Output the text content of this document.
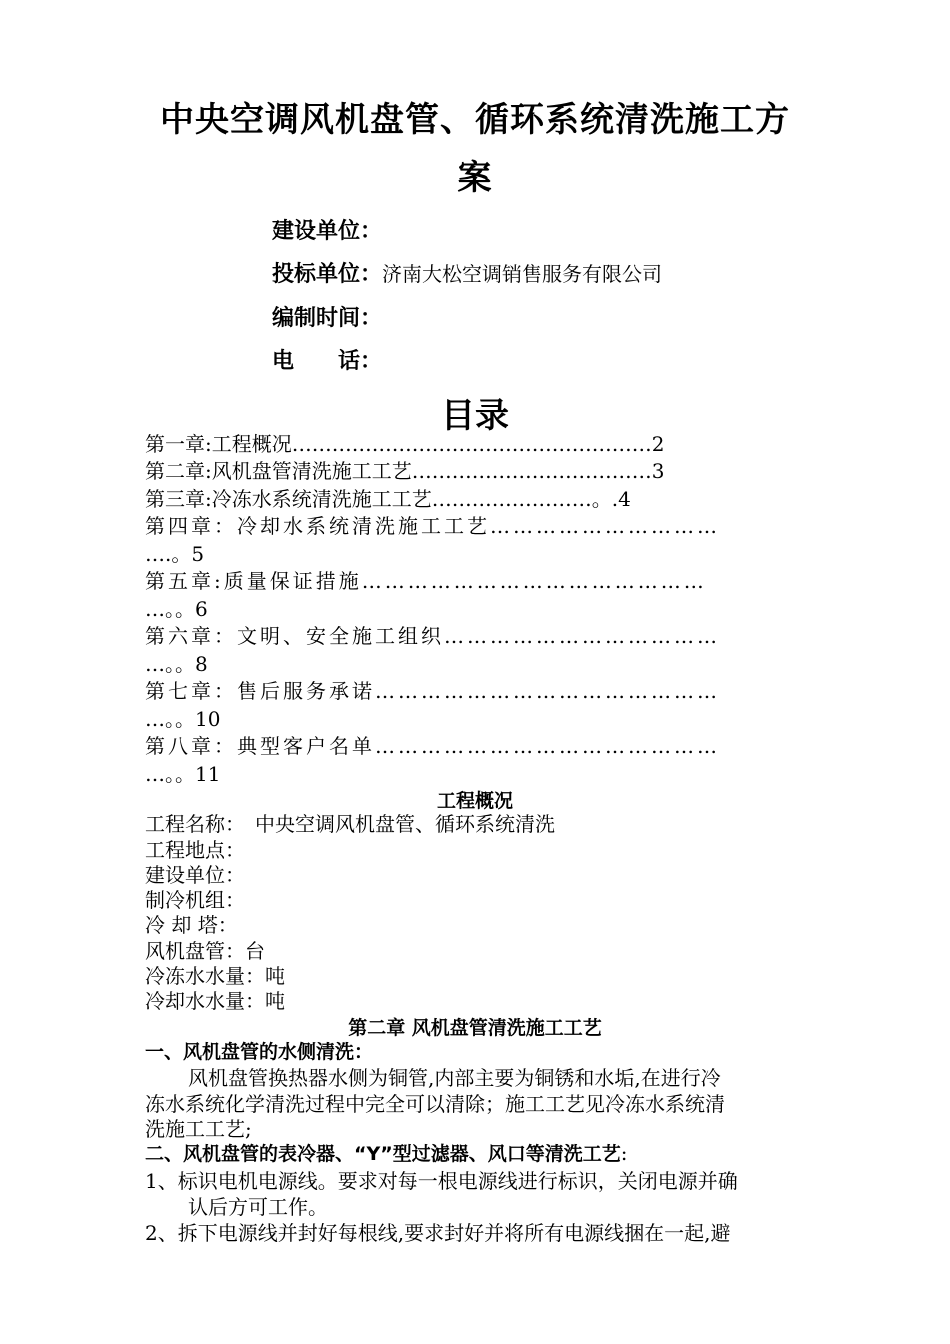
中央空调风机盘管、循环系统清洗施工方
案
建设单位：
投标单位：济南大松空调销售服务有限公司
编制时间：
电　　话：
目录
第一章:工程概况………………………………………………2
第二章:风机盘管清洗施工工艺………………………………3
第三章:冷冻水系统清洗施工工艺……………………。.4
第四章：冷却水系统清洗施工工艺…………………………
….。5
第五章:质量保证措施………………………………………
…。。6
第六章：文明、安全施工组织………………………………
…。。8
第七章：售后服务承诺………………………………………
…。。10
第八章：典型客户名单………………………………………
…。。11
工程概况
工程名称：　中央空调风机盘管、循环系统清洗
工程地点：
建设单位：
制冷机组：
冷 却 塔：
风机盘管：台
冷冻水水量：吨
冷却水水量：吨
第二章 风机盘管清洗施工工艺
一、风机盘管的水侧清洗：
风机盘管换热器水侧为铜管,内部主要为铜锈和水垢,在进行冷
冻水系统化学清洗过程中完全可以清除；施工工艺见冷冻水系统清
洗施工工艺;
二、风机盘管的表冷器、“Y”型过滤器、风口等清洗工艺:
1、标识电机电源线。要求对每一根电源线进行标识，关闭电源并确
认后方可工作。
2、拆下电源线并封好每根线,要求封好并将所有电源线捆在一起,避
